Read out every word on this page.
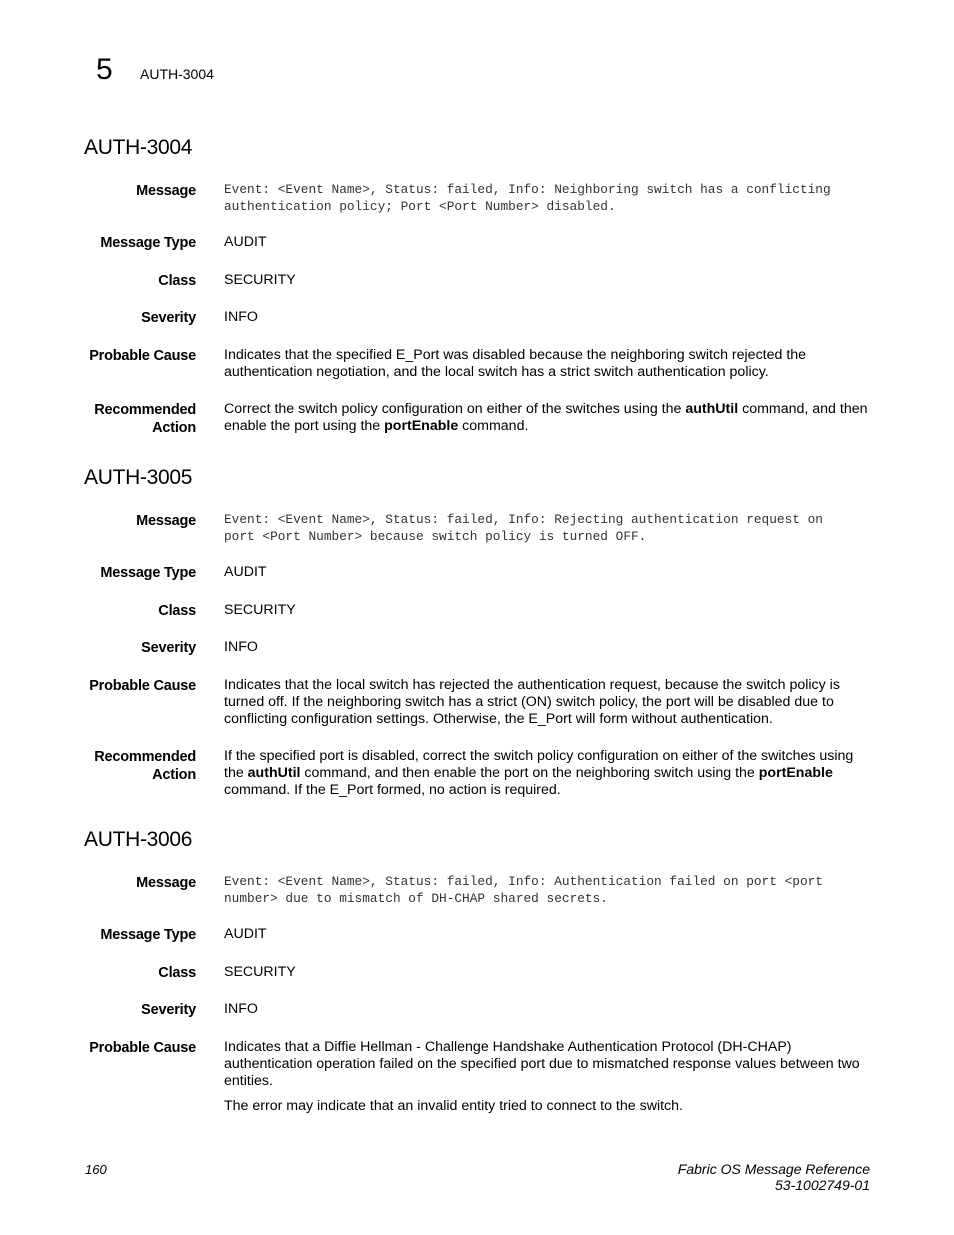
5 AUTH-3004
AUTH-3004
Message Event: <Event Name>, Status: failed, Info: Neighboring switch has a conflicting
authentication policy; Port <Port Number> disabled.
Message Type AUDIT
Class SECURITY
Severity INFO
Probable Cause Indicates that the specified E_Port was disabled because the neighboring switch rejected the authentication negotiation, and the local switch has a strict switch authentication policy.

Recommended
Action

Correct the switch policy configuration on either of the switches using the authUtil command, and then enable the port using the portEnable command.

AUTH-3005
Message Event: <Event Name>, Status: failed, Info: Rejecting authentication request on
port <Port Number> because switch policy is turned OFF.
Message Type AUDIT
Class SECURITY
Severity INFO
Probable Cause Indicates that the local switch has rejected the authentication request, because the switch policy is turned off. If the neighboring switch has a strict (ON) switch policy, the port will be disabled due to conflicting configuration settings. Otherwise, the E_Port will form without authentication.

Recommended
Action

If the specified port is disabled, correct the switch policy configuration on either of the switches using the authUtil command, and then enable the port on the neighboring switch using the portEnable command. If the E_Port formed, no action is required.

AUTH-3006
Message Event: <Event Name>, Status: failed, Info: Authentication failed on port <port
number> due to mismatch of DH-CHAP shared secrets.
Message Type AUDIT
Class SECURITY
Severity INFO
Probable Cause Indicates that a Diffie Hellman - Challenge Handshake Authentication Protocol (DH-CHAP) authentication operation failed on the specified port due to mismatched response values between two entities.

The error may indicate that an invalid entity tried to connect to the switch.

160	Fabric OS Message Reference
53-1002749-01
